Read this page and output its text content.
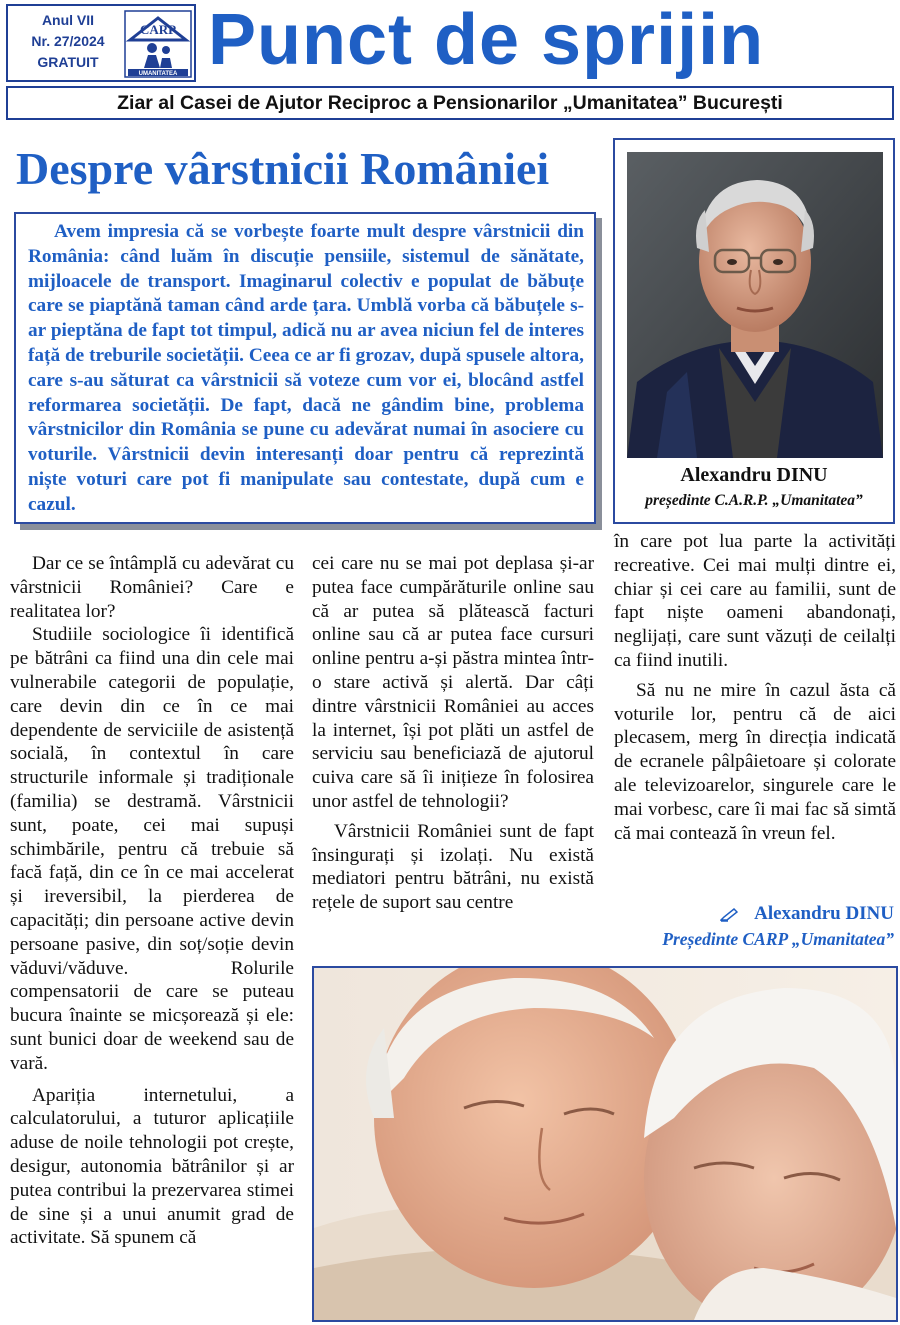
Anul VII
Nr. 27/2024
GRATUIT
CARP
UMANITATEA Punct de sprijin
Ziar al Casei de Ajutor Reciproc a Pensionarilor „Umanitatea” București
Despre vârstnicii României
Avem impresia că se vorbește foarte mult despre vârstnicii din România: când luăm în discuție pensiile, sistemul de sănătate, mijloacele de transport. Imaginarul colectiv e populat de băbuțe care se piaptănă taman când arde țara. Umblă vorba că băbuțele s-ar pieptăna de fapt tot timpul, adică nu ar avea niciun fel de interes față de treburile societății. Ceea ce ar fi grozav, după spusele altora, care s-au săturat ca vârstnicii să voteze cum vor ei, blocând astfel reformarea societății. De fapt, dacă ne gândim bine, problema vârstnicilor din România se pune cu adevărat numai în asociere cu voturile. Vârstnicii devin interesanți doar pentru că reprezintă niște voturi care pot fi manipulate sau contestate, după cum e cazul.
Alexandru DINU
președinte C.A.R.P. „Umanitatea”

Dar ce se întâmplă cu adevărat cu vârstnicii României? Care e realitatea lor?

Studiile sociologice îi identifică pe bătrâni ca fiind una din cele mai vulnerabile categorii de populație, care devin din ce în ce mai dependente de serviciile de asistență socială, în contextul în care structurile informale și tradiționale (familia) se destramă. Vârstnicii sunt, poate, cei mai supuși schimbările, pentru că trebuie să facă față, din ce în ce mai accelerat și ireversibil, la pierderea de capacități; din persoane active devin persoane pasive, din soț/soție devin văduvi/văduve. Rolurile compensatorii de care se puteau bucura înainte se micșorează și ele: sunt bunici doar de weekend sau de vară.

Apariția internetului, a calculatorului, a tuturor aplicațiile aduse de noile tehnologii pot crește, desigur, autonomia bătrânilor și ar putea contribui la prezervarea stimei de sine și a unui anumit grad de activitate. Să spunem că

cei care nu se mai pot deplasa și-ar putea face cumpărăturile online sau că ar putea să plătească facturi online sau că ar putea face cursuri online pentru a-și păstra mintea într-o stare activă și alertă. Dar câți dintre vârstnicii României au acces la internet, își pot plăti un astfel de serviciu sau beneficiază de ajutorul cuiva care să îi inițieze în folosirea unor astfel de tehnologii?

Vârstnicii României sunt de fapt însingurați și izolați. Nu există mediatori pentru bătrâni, nu există rețele de suport sau centre

în care pot lua parte la activități recreative. Cei mai mulți dintre ei, chiar și cei care au familii, sunt de fapt niște oameni abandonați, neglijați, care sunt văzuți de ceilalți ca fiind inutili.

Să nu ne mire în cazul ăsta că voturile lor, pentru că de aici plecasem, merg în direcția indicată de ecranele pâlpâietoare și colorate ale televizoarelor, singurele care le mai vorbesc, care îi mai fac să simtă că mai contează în vreun fel.

Alexandru DINU
Președinte CARP „Umanitatea”
